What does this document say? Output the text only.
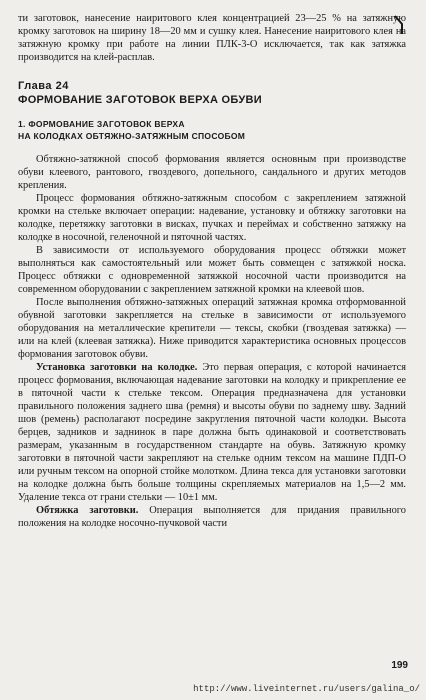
ти заготовок, нанесение наиритового клея концентрацией 23—25 % на затяжную кромку заготовок на ширину 18—20 мм и сушку клея. Нанесение наиритового клея на затяжную кромку при работе на линии ПЛК-3-О исключается, так как затяжка производится на клей-расплав.

Глава 24
ФОРМОВАНИЕ ЗАГОТОВОК ВЕРХА ОБУВИ
1. ФОРМОВАНИЕ ЗАГОТОВОК ВЕРХА
НА КОЛОДКАХ ОБТЯЖНО-ЗАТЯЖНЫМ СПОСОБОМ

Обтяжно-затяжной способ формования является основным при производстве обуви клеевого, рантового, гвоздевого, допельного, сандального и других методов крепления.

Процесс формования обтяжно-затяжным способом с закреплением затяжной кромки на стельке включает операции: надевание, установку и обтяжку заготовки на колодке, перетяжку заготовки в висках, пучках и переймах и собственно затяжку на колодке в носочной, геленочной и пяточной частях.

В зависимости от используемого оборудования процесс обтяжки может выполняться как самостоятельный или может быть совмещен с затяжкой носка. Процесс обтяжки с одновременной затяжкой носочной части производится на современном оборудовании с закреплением затяжной кромки на клеевой шов.

После выполнения обтяжно-затяжных операций затяжная кромка отформованной обувной заготовки закрепляется на стельке в зависимости от используемого оборудования на металлические крепители — тексы, скобки (гвоздевая затяжка) — или на клей (клеевая затяжка). Ниже приводится характеристика основных процессов формования заготовок обуви.

Установка заготовки на колодке. Это первая операция, с которой начинается процесс формования, включающая надевание заготовки на колодку и прикрепление ее в пяточной части к стельке тексом. Операция предназначена для установки правильного положения заднего шва (ремня) и высоты обуви по заднему шву. Задний шов (ремень) располагают посредине закругления пяточной части колодки. Высота берцев, задников и заднинок в паре должна быть одинаковой и соответствовать размерам, указанным в государственном стандарте на обувь. Затяжную кромку заготовки в пяточной части закрепляют на стельке одним тексом на машине ПДП-О или ручным тексом на опорной стойке молотком. Длина текса для установки заготовки на колодке должна быть больше толщины скрепляемых материалов на 1,5—2 мм. Удаление текса от грани стельки — 10±1 мм.

Обтяжка заготовки. Операция выполняется для придания правильного положения на колодке носочно-пучковой части

199
http://www.liveinternet.ru/users/galina_o/
